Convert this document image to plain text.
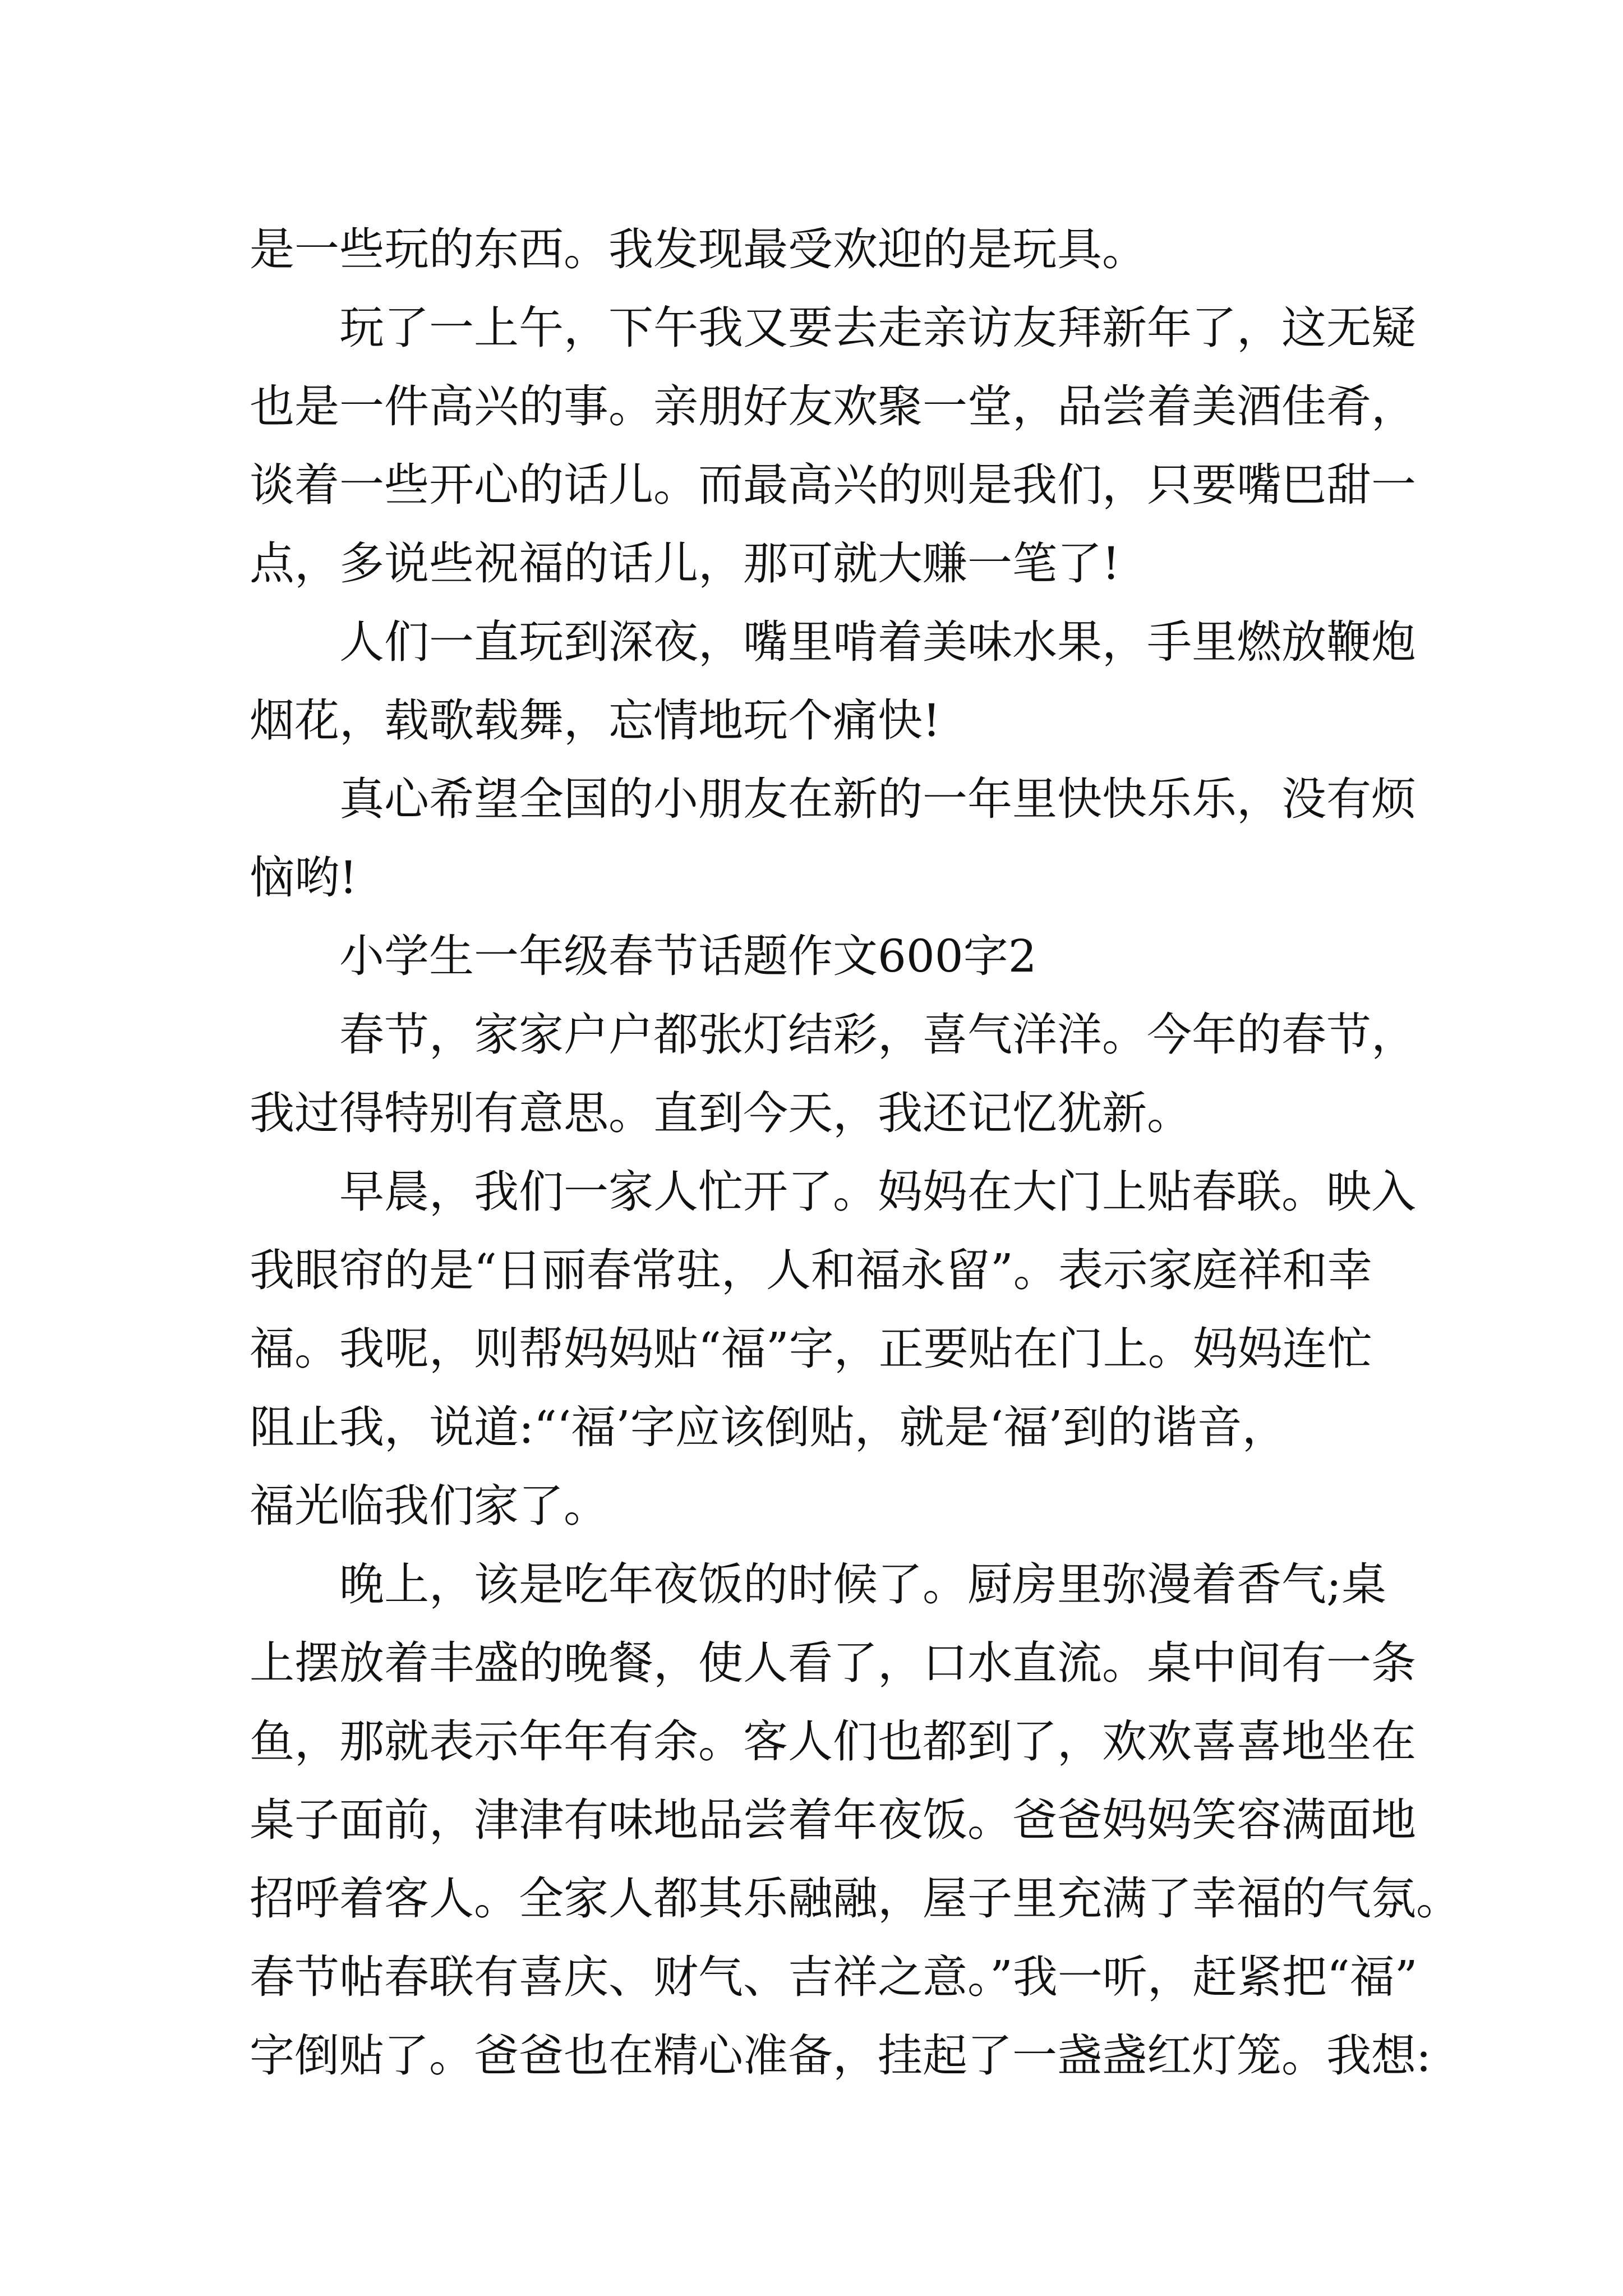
是一些玩的东西。我发现最受欢迎的是玩具。
玩了一上午，下午我又要去走亲访友拜新年了，这无疑
也是一件高兴的事。亲朋好友欢聚一堂，品尝着美酒佳肴，
谈着一些开心的话儿。而最高兴的则是我们，只要嘴巴甜一
点，多说些祝福的话儿，那可就大赚一笔了!
人们一直玩到深夜，嘴里啃着美味水果，手里燃放鞭炮
烟花，载歌载舞，忘情地玩个痛快!
真心希望全国的小朋友在新的一年里快快乐乐，没有烦
恼哟!
小学生一年级春节话题作文600字2
春节，家家户户都张灯结彩，喜气洋洋。今年的春节，
我过得特别有意思。直到今天，我还记忆犹新。
早晨，我们一家人忙开了。妈妈在大门上贴春联。映入
我眼帘的是“日丽春常驻，人和福永留”。表示家庭祥和幸
福。我呢，则帮妈妈贴“福”字，正要贴在门上。妈妈连忙
阻止我，说道:“‘福’字应该倒贴，就是‘福’到的谐音，
福光临我们家了。
晚上，该是吃年夜饭的时候了。厨房里弥漫着香气;桌
上摆放着丰盛的晚餐，使人看了，口水直流。桌中间有一条
鱼，那就表示年年有余。客人们也都到了，欢欢喜喜地坐在
桌子面前，津津有味地品尝着年夜饭。爸爸妈妈笑容满面地
招呼着客人。全家人都其乐融融，屋子里充满了幸福的气氛。
春节帖春联有喜庆、财气、吉祥之意。”我一听，赶紧把“福”
字倒贴了。爸爸也在精心准备，挂起了一盏盏红灯笼。我想:
